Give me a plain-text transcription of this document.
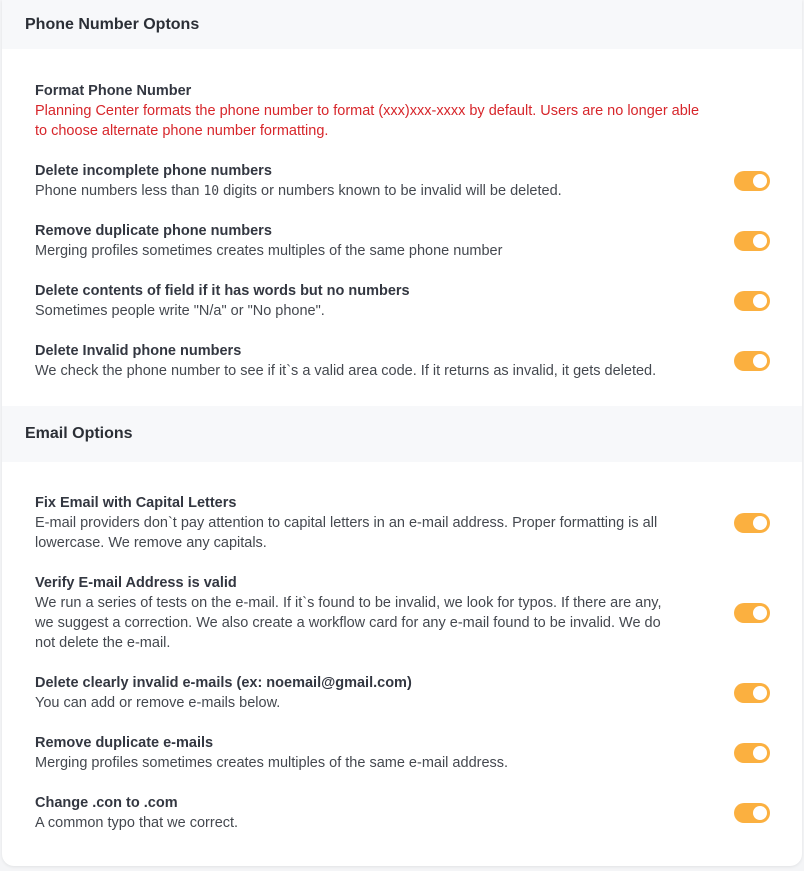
Phone Number Optons
Format Phone Number
Planning Center formats the phone number to format (xxx)xxx-xxxx by default. Users are no longer able
to choose alternate phone number formatting.
Delete incomplete phone numbers
Phone numbers less than 10 digits or numbers known to be invalid will be deleted.
Remove duplicate phone numbers
Merging profiles sometimes creates multiples of the same phone number
Delete contents of field if it has words but no numbers
Sometimes people write "N/a" or "No phone".
Delete Invalid phone numbers
We check the phone number to see if it`s a valid area code. If it returns as invalid, it gets deleted.
Email Options
Fix Email with Capital Letters
E-mail providers don`t pay attention to capital letters in an e-mail address. Proper formatting is all
lowercase. We remove any capitals.
Verify E-mail Address is valid
We run a series of tests on the e-mail. If it`s found to be invalid, we look for typos. If there are any,
we suggest a correction. We also create a workflow card for any e-mail found to be invalid. We do
not delete the e-mail.
Delete clearly invalid e-mails (ex: noemail@gmail.com)
You can add or remove e-mails below.
Remove duplicate e-mails
Merging profiles sometimes creates multiples of the same e-mail address.
Change .con to .com
A common typo that we correct.
